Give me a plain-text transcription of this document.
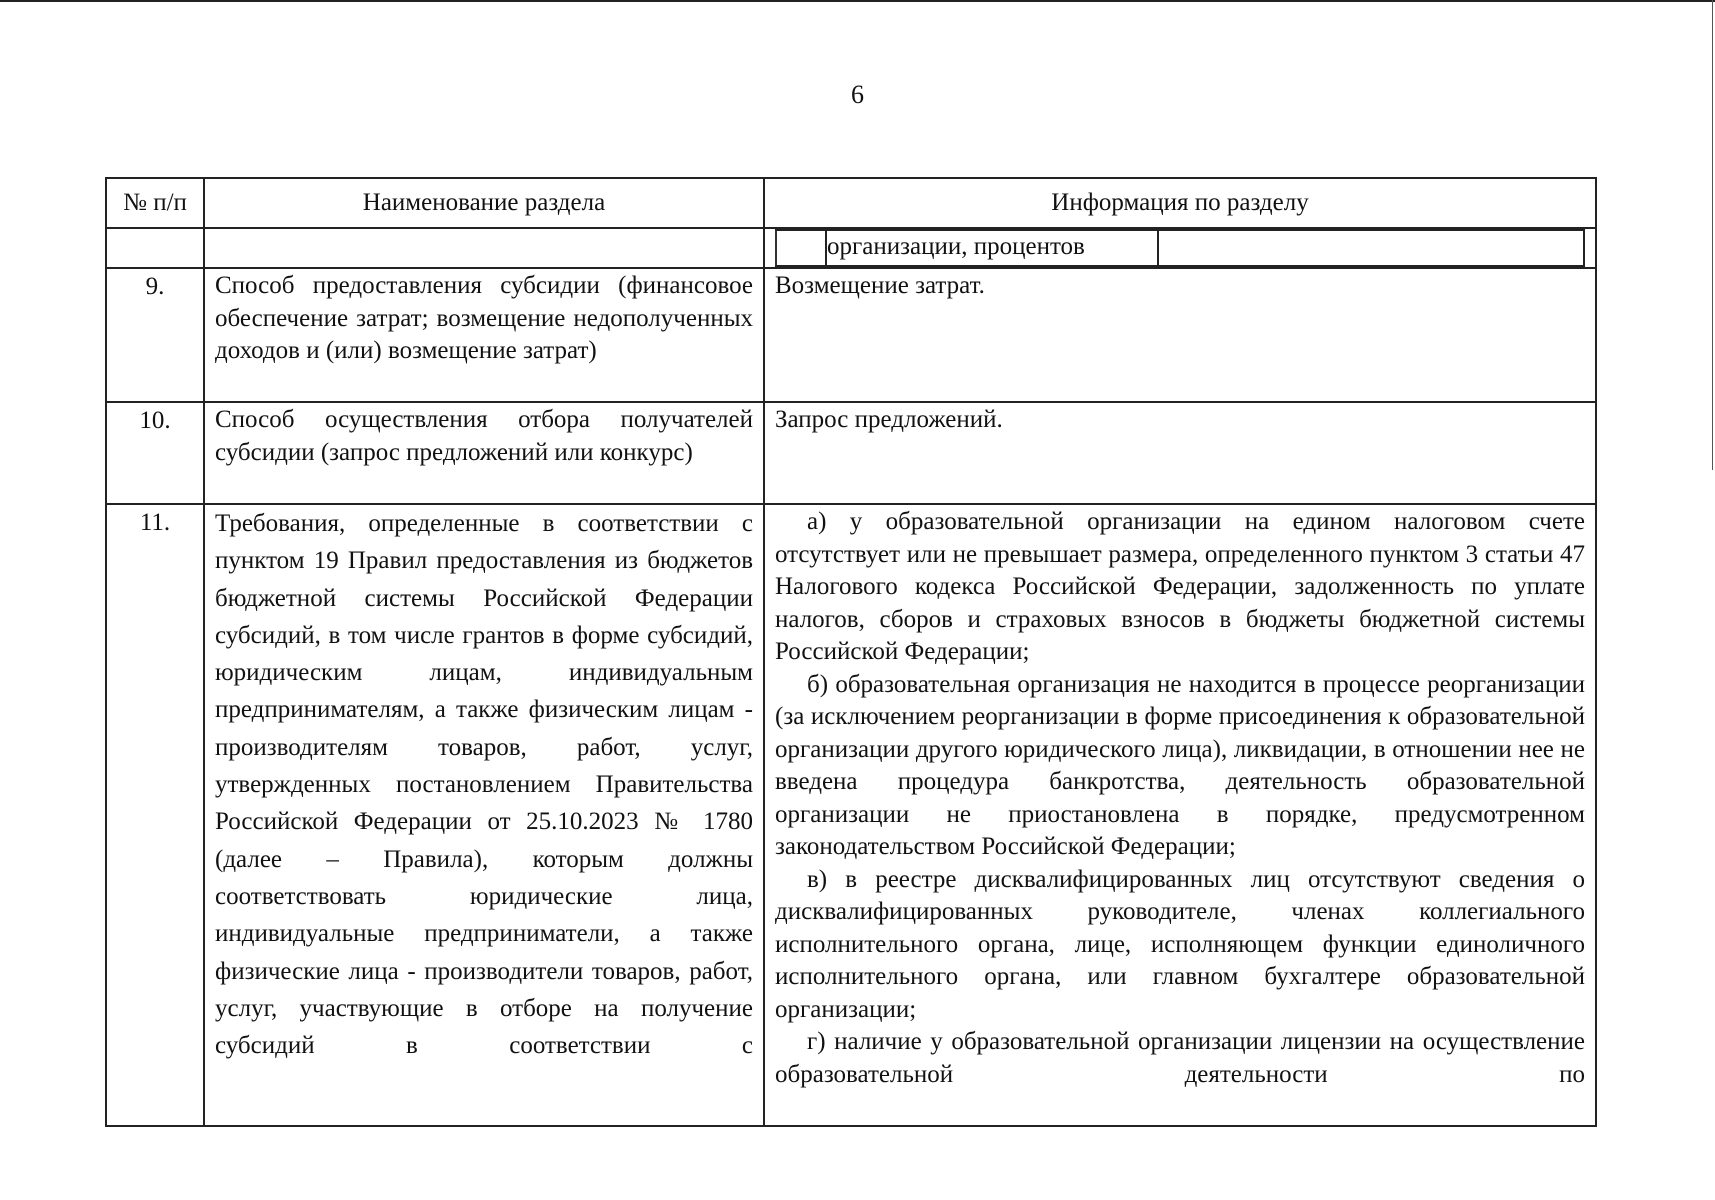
6
№ п/п	Наименование раздела	Информация по разделу

	организации, процентов	

9.	Способ предоставления субсидии (финансовое обеспечение затрат; возмещение недополученных доходов и (или) возмещение затрат)	Возмещение затрат.
10.	Способ осуществления отбора получателей субсидии (запрос предложений или конкурс)	Запрос предложений.
11.	Требования, определенные в соответствии с пунктом 19 Правил предоставления из бюджетов бюджетной системы Российской Федерации субсидий, в том числе грантов в форме субсидий, юридическим лицам, индивидуальным предпринимателям, а также физическим лицам - производителям товаров, работ, услуг, утвержденных постановлением Правительства Российской Федерации от 25.10.2023 № 1780 (далее – Правила), которым должны соответствовать юридические лица, индивидуальные предприниматели, а также физические лица - производители товаров, работ, услуг, участвующие в отборе на получение субсидий в соответствии с	
а) у образовательной организации на едином налоговом счете отсутствует или не превышает размера, определенного пунктом 3 статьи 47 Налогового кодекса Российской Федерации, задолженность по уплате налогов, сборов и страховых взносов в бюджеты бюджетной системы Российской Федерации;
б) образовательная организация не находится в процессе реорганизации (за исключением реорганизации в форме присоединения к образовательной организации другого юридического лица), ликвидации, в отношении нее не введена процедура банкротства, деятельность образовательной организации не приостановлена в порядке, предусмотренном законодательством Российской Федерации;
в) в реестре дисквалифицированных лиц отсутствуют сведения о дисквалифицированных руководителе, членах коллегиального исполнительного органа, лице, исполняющем функции единоличного исполнительного органа, или главном бухгалтере образовательной организации;
г) наличие у образовательной организации лицензии на осуществление образовательной деятельности по
